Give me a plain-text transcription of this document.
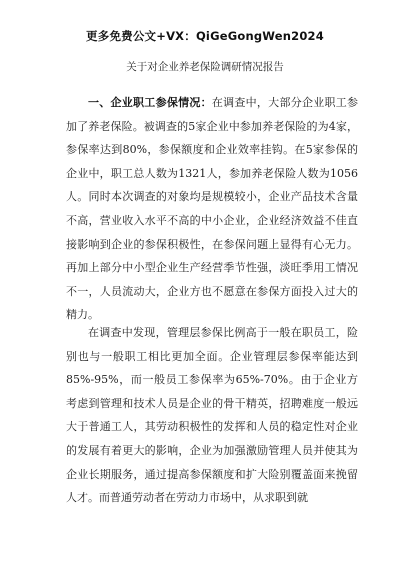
更多免费公文+VX：QiGeGongWen2024
关于对企业养老保险调研情况报告

一、企业职工参保情况：在调查中，大部分企业职工参加了养老保险。被调查的5家企业中参加养老保险的为4家，参保率达到80%，参保额度和企业效率挂钩。在5家参保的企业中，职工总人数为1321人，参加养老保险人数为1056人。同时本次调查的对象均是规模较小，企业产品技术含量不高，营业收入水平不高的中小企业，企业经济效益不佳直接影响到企业的参保积极性，在参保问题上显得有心无力。再加上部分中小型企业生产经营季节性强，淡旺季用工情况不一，人员流动大，企业方也不愿意在参保方面投入过大的精力。

在调查中发现，管理层参保比例高于一般在职员工，险别也与一般职工相比更加全面。企业管理层参保率能达到85%-95%，而一般员工参保率为65%-70%。由于企业方考虑到管理和技术人员是企业的骨干精英，招聘难度一般远大于普通工人，其劳动积极性的发挥和人员的稳定性对企业的发展有着更大的影响，企业为加强激励管理人员并使其为企业长期服务，通过提高参保额度和扩大险别覆盖面来挽留人才。而普通劳动者在劳动力市场中，从求职到就
